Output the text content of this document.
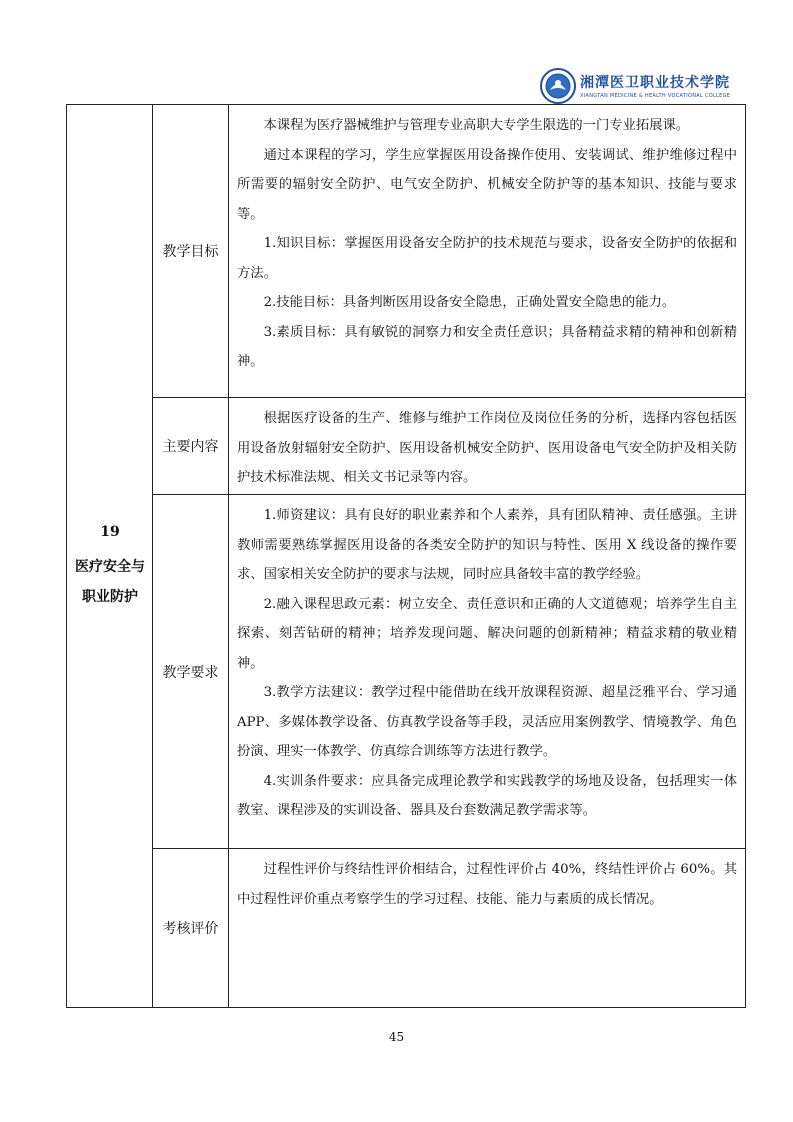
湘潭医卫职业技术学院
XIANGTAN MEDICINE & HEALTH VOCATIONAL COLLEGE
19
医疗安全与
职业防护
教学目标

本课程为医疗器械维护与管理专业高职大专学生限选的一门专业拓展课。

通过本课程的学习，学生应掌握医用设备操作使用、安装调试、维护维修过程中所需要的辐射安全防护、电气安全防护、机械安全防护等的基本知识、技能与要求等。

1.知识目标：掌握医用设备安全防护的技术规范与要求，设备安全防护的依据和方法。

2.技能目标：具备判断医用设备安全隐患，正确处置安全隐患的能力。

3.素质目标：具有敏锐的洞察力和安全责任意识；具备精益求精的精神和创新精神。

主要内容

根据医疗设备的生产、维修与维护工作岗位及岗位任务的分析，选择内容包括医用设备放射辐射安全防护、医用设备机械安全防护、医用设备电气安全防护及相关防护技术标准法规、相关文书记录等内容。

教学要求

1.师资建议：具有良好的职业素养和个人素养，具有团队精神、责任感强。主讲教师需要熟练掌握医用设备的各类安全防护的知识与特性、医用 X 线设备的操作要求、国家相关安全防护的要求与法规，同时应具备较丰富的教学经验。

2.融入课程思政元素：树立安全、责任意识和正确的人文道德观；培养学生自主探索、刻苦钻研的精神；培养发现问题、解决问题的创新精神；精益求精的敬业精神。

3.教学方法建议：教学过程中能借助在线开放课程资源、超星泛雅平台、学习通 APP、多媒体教学设备、仿真教学设备等手段，灵活应用案例教学、情境教学、角色扮演、理实一体教学、仿真综合训练等方法进行教学。

4.实训条件要求：应具备完成理论教学和实践教学的场地及设备，包括理实一体教室、课程涉及的实训设备、器具及台套数满足教学需求等。

考核评价

过程性评价与终结性评价相结合，过程性评价占 40%，终结性评价占 60%。其中过程性评价重点考察学生的学习过程、技能、能力与素质的成长情况。

45
